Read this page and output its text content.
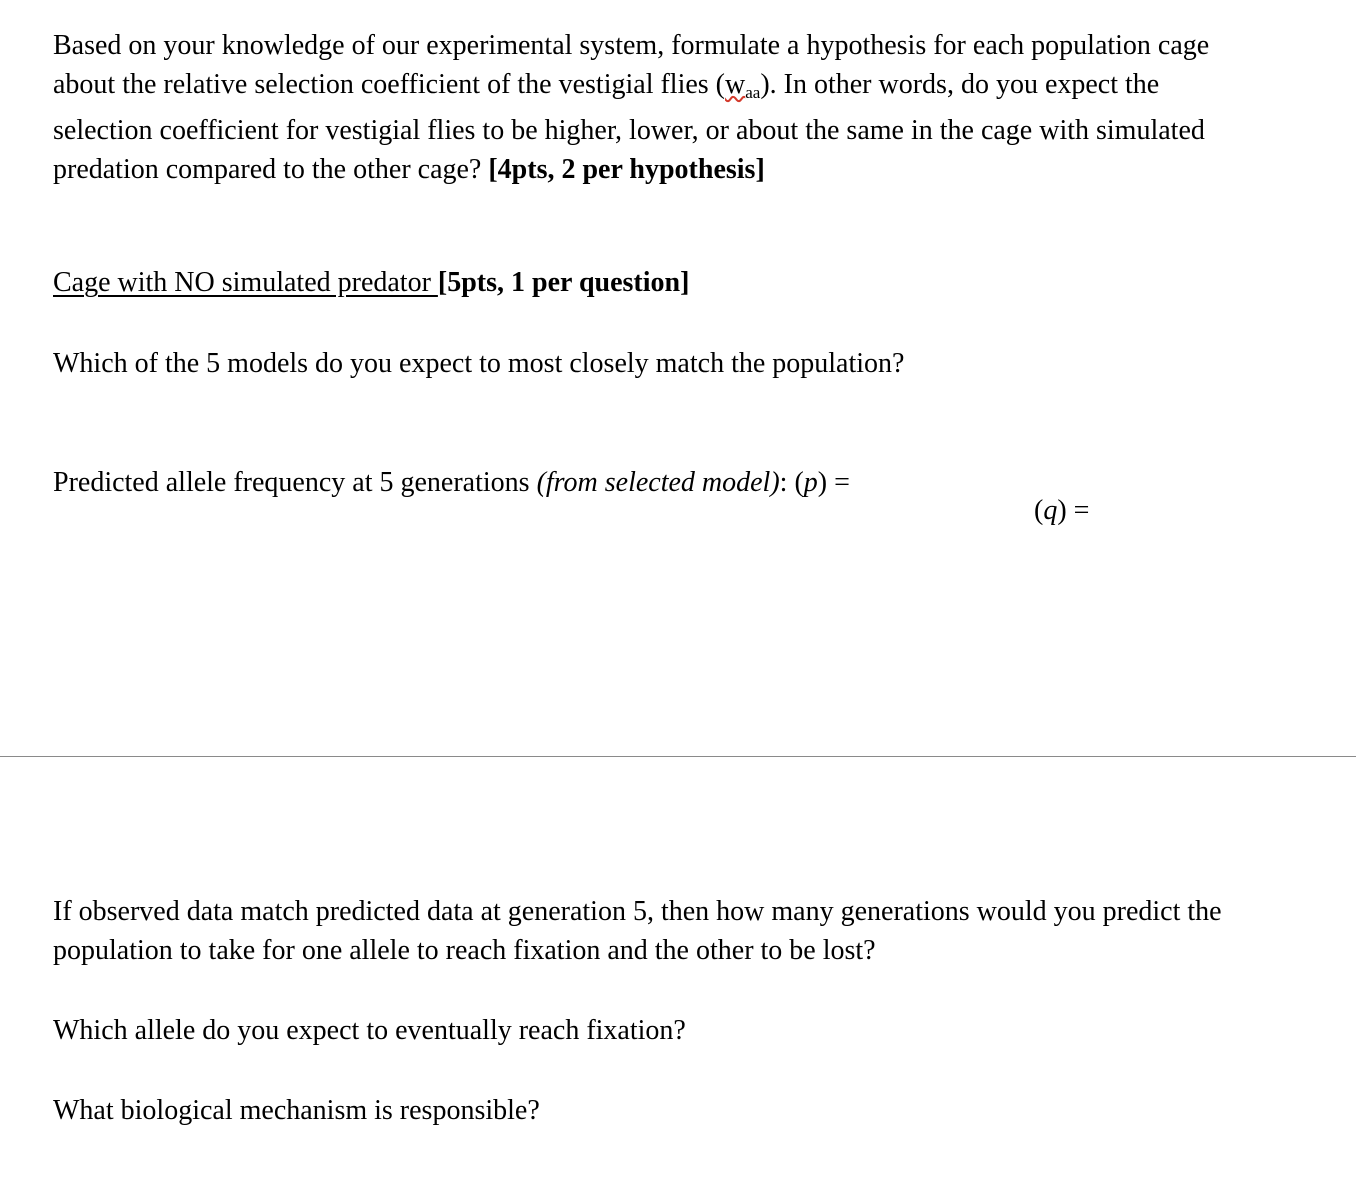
Based on your knowledge of our experimental system, formulate a hypothesis for each population cage
about the relative selection coefficient of the vestigial flies $(w_{aa})$. In other words, do you expect the
selection coefficient for vestigial flies to be higher, lower, or about the same in the cage with simulated
predation compared to the other cage? [4pts, 2 per hypothesis]

Cage with NO simulated predator [5pts, 1 per question]

Which of the 5 models do you expect to most closely match the population?

Predicted allele frequency at 5 generations (from selected model): (p) =

(q) =

If observed data match predicted data at generation 5, then how many generations would you predict the
population to take for one allele to reach fixation and the other to be lost?

Which allele do you expect to eventually reach fixation?

What biological mechanism is responsible?
